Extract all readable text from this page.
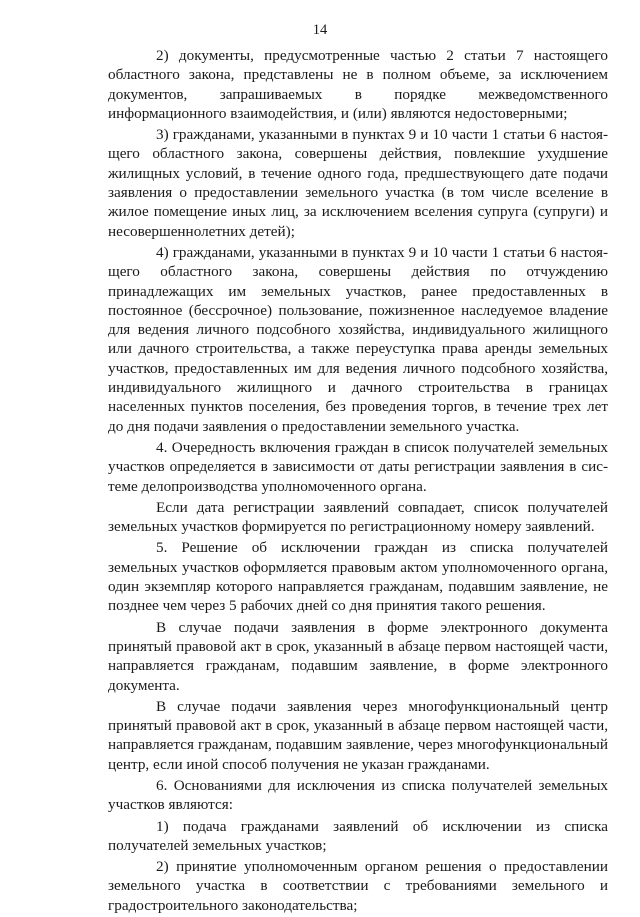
14

2) документы, предусмотренные частью 2 статьи 7 настоящего областного закона, представлены не в полном объеме, за исключением документов, запрашиваемых в порядке межведомственного информационного взаимодействия, и (или) являются недостоверными;

3) гражданами, указанными в пунктах 9 и 10 части 1 статьи 6 настоящего областного закона, совершены действия, повлекшие ухудшение жилищных условий, в течение одного года, предшествующего дате подачи заявления о предоставлении земельного участка (в том числе вселение в жилое помещение иных лиц, за исключением вселения супруга (супруги) и несовершеннолетних детей);

4) гражданами, указанными в пунктах 9 и 10 части 1 статьи 6 настоящего областного закона, совершены действия по отчуждению принадлежащих им земельных участков, ранее предоставленных в постоянное (бессрочное) пользование, пожизненное наследуемое владение для ведения личного подсобного хозяйства, индивидуального жилищного или дачного строительства, а также переуступка права аренды земельных участков, предоставленных им для ведения личного подсобного хозяйства, индивидуального жилищного и дачного строительства в границах населенных пунктов поселения, без проведения торгов, в течение трех лет до дня подачи заявления о предоставлении земельного участка.

4. Очередность включения граждан в список получателей земельных участков определяется в зависимости от даты регистрации заявления в системе делопроизводства уполномоченного органа.

Если дата регистрации заявлений совпадает, список получателей земельных участков формируется по регистрационному номеру заявлений.

5. Решение об исключении граждан из списка получателей земельных участков оформляется правовым актом уполномоченного органа, один экземпляр которого направляется гражданам, подавшим заявление, не позднее чем через 5 рабочих дней со дня принятия такого решения.

В случае подачи заявления в форме электронного документа принятый правовой акт в срок, указанный в абзаце первом настоящей части, направляется гражданам, подавшим заявление, в форме электронного документа.

В случае подачи заявления через многофункциональный центр принятый правовой акт в срок, указанный в абзаце первом настоящей части, направляется гражданам, подавшим заявление, через многофункциональный центр, если иной способ получения не указан гражданами.

6. Основаниями для исключения из списка получателей земельных участков являются:

1) подача гражданами заявлений об исключении из списка получателей земельных участков;

2) принятие уполномоченным органом решения о предоставлении земельного участка в соответствии с требованиями земельного и градостроительного законодательства;
